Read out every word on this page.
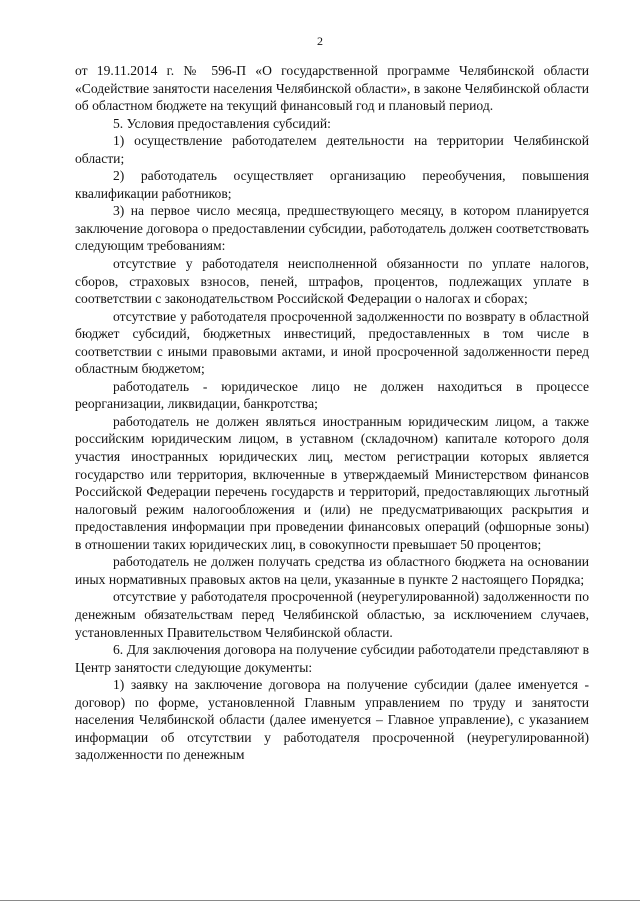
2

от 19.11.2014 г. № 596-П «О государственной программе Челябинской области «Содействие занятости населения Челябинской области», в законе Челябинской области об областном бюджете на текущий финансовый год и плановый период.

5. Условия предоставления субсидий:

1) осуществление работодателем деятельности на территории Челябинской области;

2) работодатель осуществляет организацию переобучения, повышения квалификации работников;

3) на первое число месяца, предшествующего месяцу, в котором планируется заключение договора о предоставлении субсидии, работодатель должен соответствовать следующим требованиям:

отсутствие у работодателя неисполненной обязанности по уплате налогов, сборов, страховых взносов, пеней, штрафов, процентов, подлежащих уплате в соответствии с законодательством Российской Федерации о налогах и сборах;

отсутствие у работодателя просроченной задолженности по возврату в областной бюджет субсидий, бюджетных инвестиций, предоставленных в том числе в соответствии с иными правовыми актами, и иной просроченной задолженности перед областным бюджетом;

работодатель - юридическое лицо не должен находиться в процессе реорганизации, ликвидации, банкротства;

работодатель не должен являться иностранным юридическим лицом, а также российским юридическим лицом, в уставном (складочном) капитале которого доля участия иностранных юридических лиц, местом регистрации которых является государство или территория, включенные в утверждаемый Министерством финансов Российской Федерации перечень государств и территорий, предоставляющих льготный налоговый режим налогообложения и (или) не предусматривающих раскрытия и предоставления информации при проведении финансовых операций (офшорные зоны) в отношении таких юридических лиц, в совокупности превышает 50 процентов;

работодатель не должен получать средства из областного бюджета на основании иных нормативных правовых актов на цели, указанные в пункте 2 настоящего Порядка;

отсутствие у работодателя просроченной (неурегулированной) задолженности по денежным обязательствам перед Челябинской областью, за исключением случаев, установленных Правительством Челябинской области.

6. Для заключения договора на получение субсидии работодатели представляют в Центр занятости следующие документы:

1) заявку на заключение договора на получение субсидии (далее именуется - договор) по форме, установленной Главным управлением по труду и занятости населения Челябинской области (далее именуется – Главное управление), с указанием информации об отсутствии у работодателя просроченной (неурегулированной) задолженности по денежным
